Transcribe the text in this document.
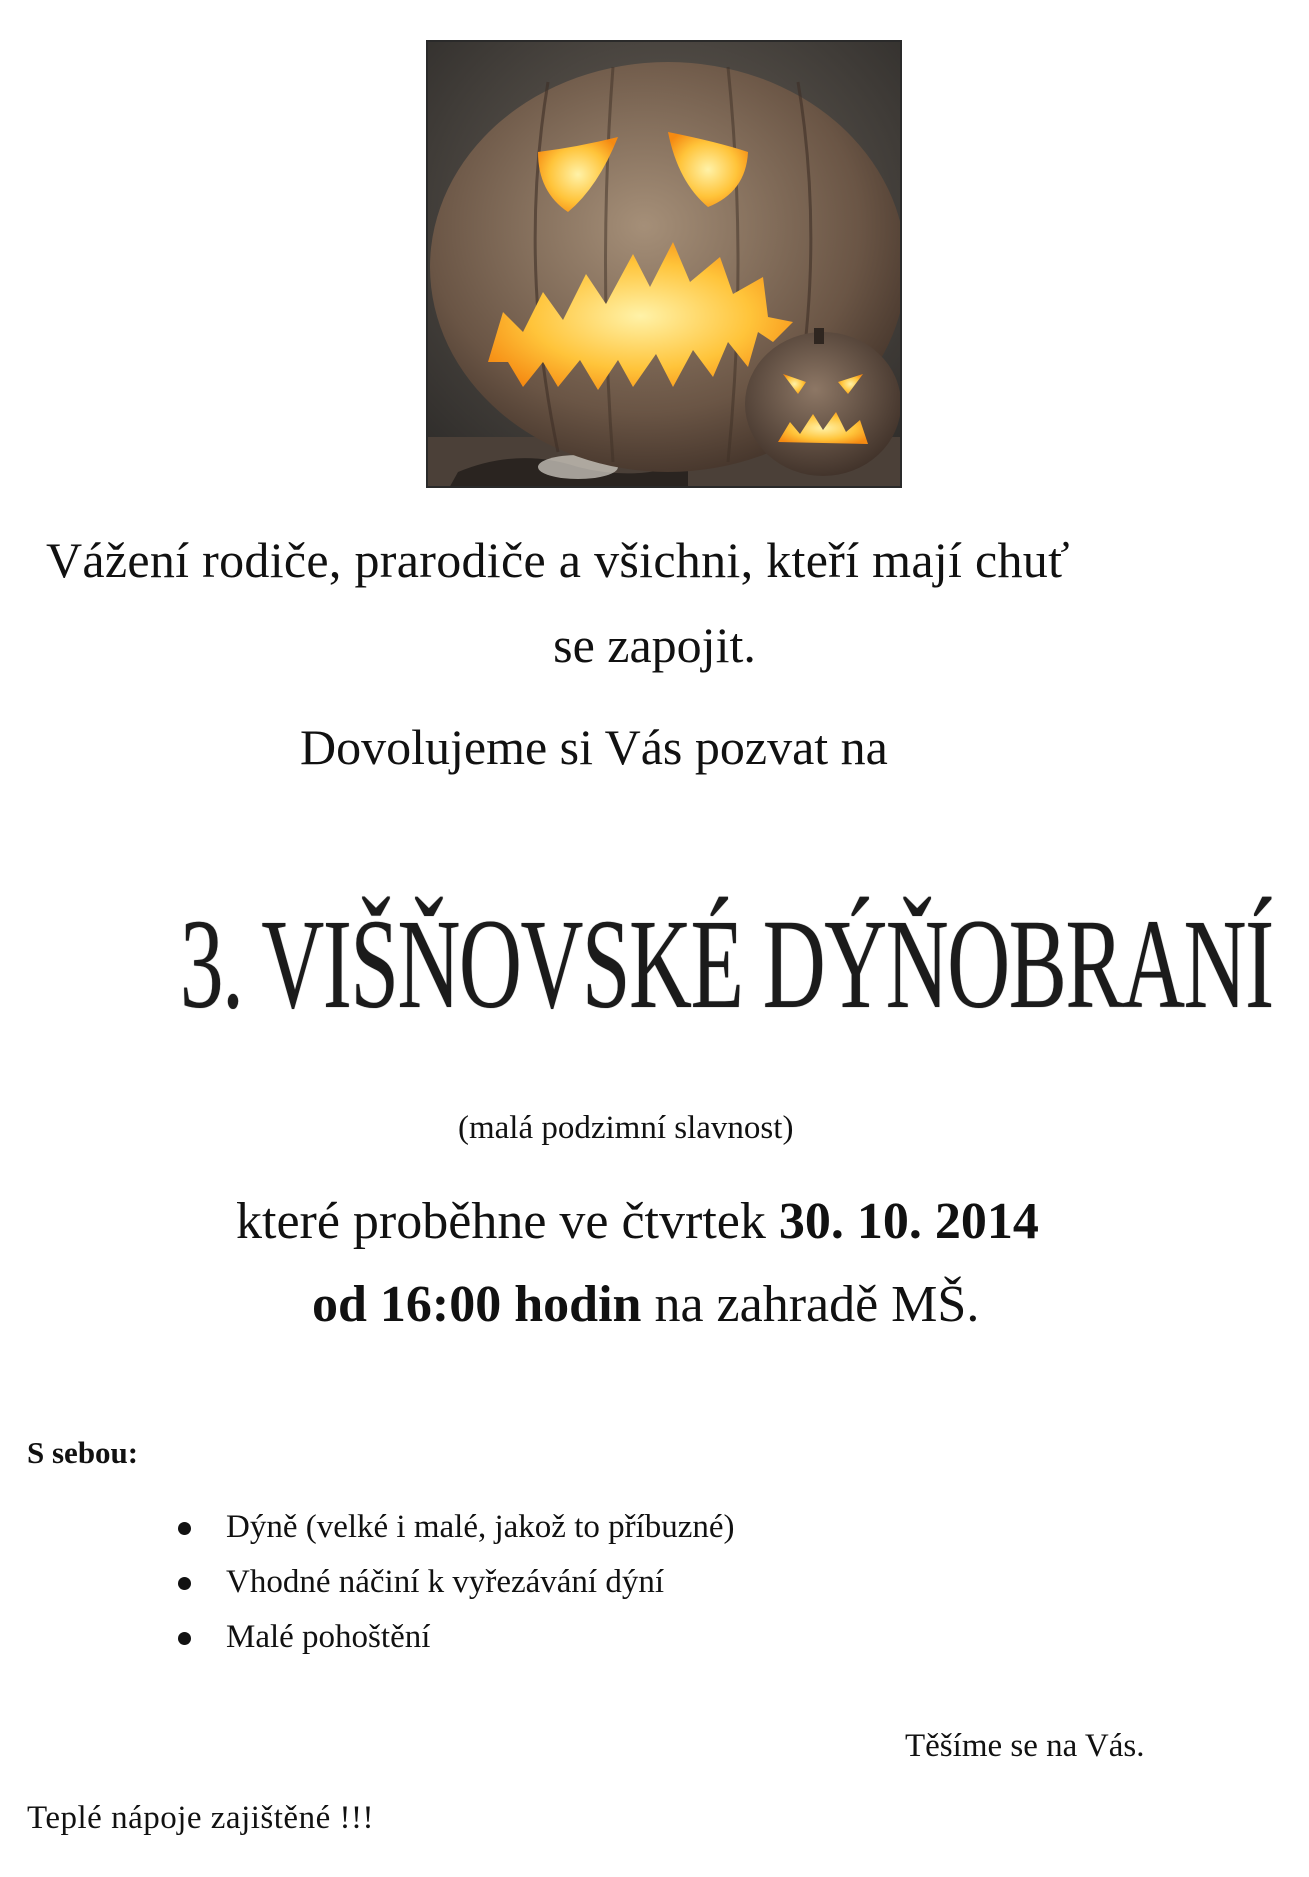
Vážení rodiče, prarodiče a všichni, kteří mají chuť
se zapojit.
Dovolujeme si Vás pozvat na
3. VIŠŇOVSKÉ DÝŇOBRANÍ
(malá podzimní slavnost)
které proběhne ve čtvrtek 30. 10. 2014
od 16:00 hodin na zahradě MŠ.
S sebou:
Dýně (velké i malé, jakož to příbuzné)
Vhodné náčiní k vyřezávání dýní
Malé pohoštění
Těšíme se na Vás.
Teplé nápoje zajištěné !!!
